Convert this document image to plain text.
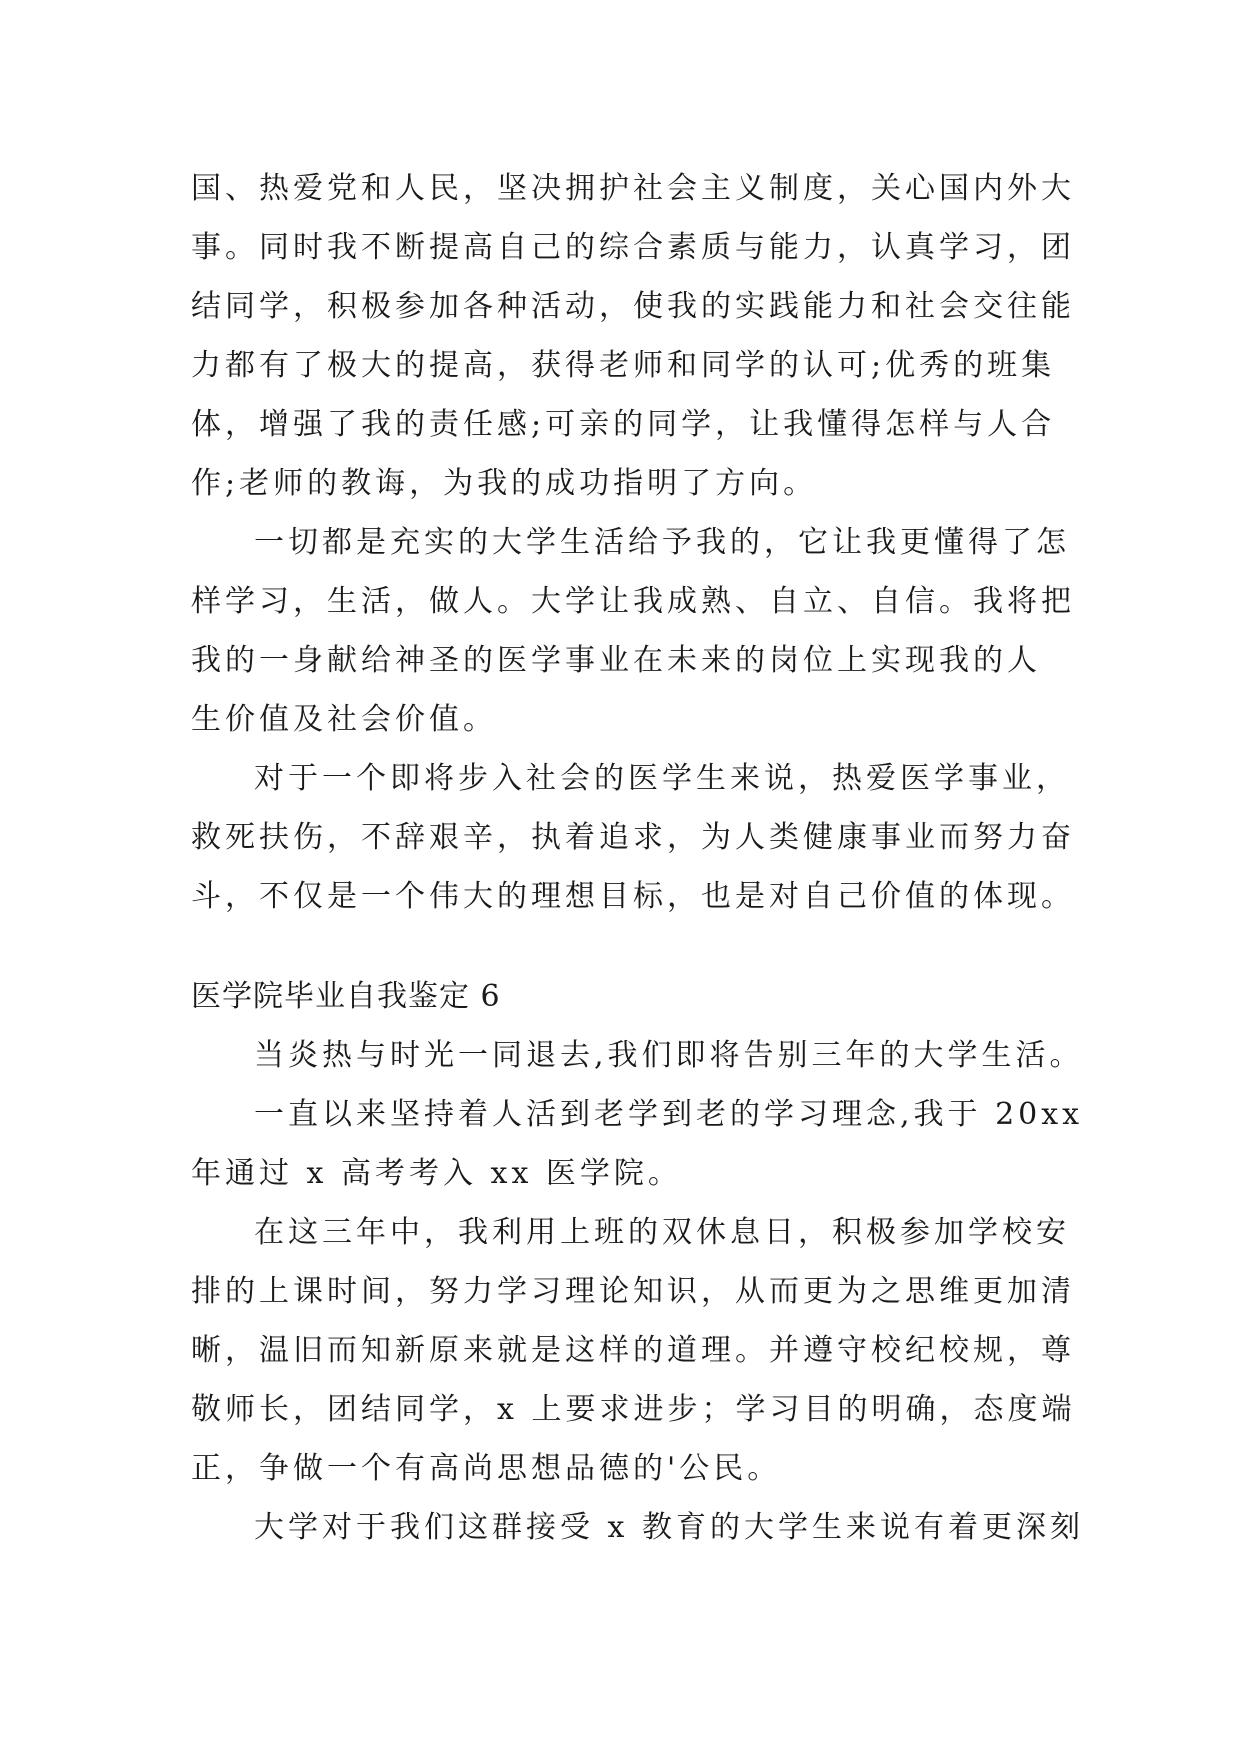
国、热爱党和人民，坚决拥护社会主义制度，关心国内外大
事。同时我不断提高自己的综合素质与能力，认真学习，团
结同学，积极参加各种活动，使我的实践能力和社会交往能
力都有了极大的提高，获得老师和同学的认可;优秀的班集
体，增强了我的责任感;可亲的同学，让我懂得怎样与人合
作;老师的教诲，为我的成功指明了方向。
一切都是充实的大学生活给予我的，它让我更懂得了怎
样学习，生活，做人。大学让我成熟、自立、自信。我将把
我的一身献给神圣的医学事业在未来的岗位上实现我的人
生价值及社会价值。
对于一个即将步入社会的医学生来说，热爱医学事业，
救死扶伤，不辞艰辛，执着追求，为人类健康事业而努力奋
斗，不仅是一个伟大的理想目标，也是对自己价值的体现。
医学院毕业自我鉴定 6
当炎热与时光一同退去,我们即将告别三年的大学生活。
一直以来坚持着人活到老学到老的学习理念,我于 20xx
年通过 x 高考考入 xx 医学院。
在这三年中，我利用上班的双休息日，积极参加学校安
排的上课时间，努力学习理论知识，从而更为之思维更加清
晰，温旧而知新原来就是这样的道理。并遵守校纪校规，尊
敬师长，团结同学，x 上要求进步；学习目的明确，态度端
正，争做一个有高尚思想品德的'公民。
大学对于我们这群接受 x 教育的大学生来说有着更深刻
